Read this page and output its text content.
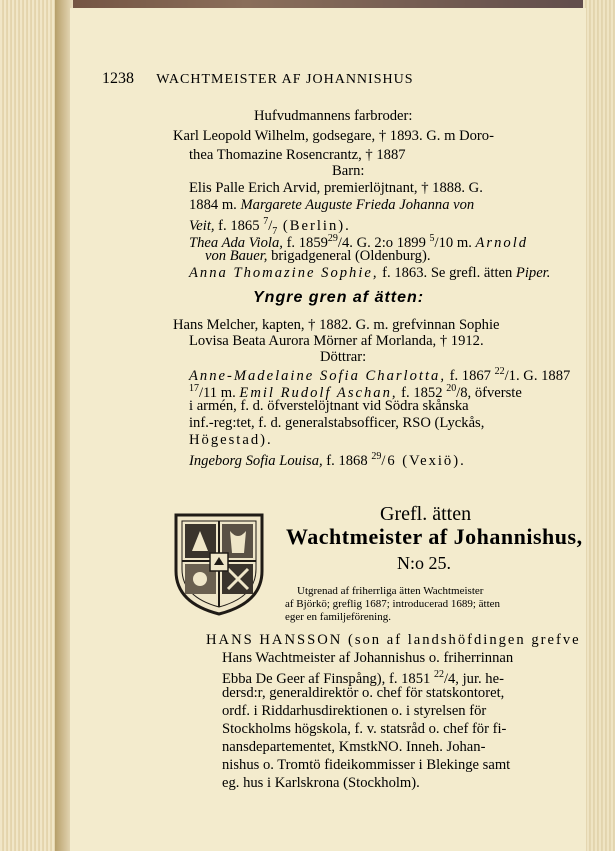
1238 WACHTMEISTER AF JOHANNISHUS
Hufvudmannens farbroder:
Karl Leopold Wilhelm, godsegare, † 1893. G. m Doro-
thea Thomazine Rosencrantz, † 1887
Barn:
Elis Palle Erich Arvid, premierlöjtnant, † 1888. G.
1884 m. Margarete Auguste Frieda Johanna von
Veit, f. 1865 $^7/_7$ (Berlin).
Thea Ada Viola, f. 1859$^{29}$/4. G. 2:o 1899 $^5$/10 m. Arnold
von Bauer, brigadgeneral (Oldenburg).
Anna Thomazine Sophie, f. 1863. Se grefl. ätten Piper.
Yngre gren af ätten:
Hans Melcher, kapten, † 1882. G. m. grefvinnan Sophie
Lovisa Beata Aurora Mörner af Morlanda, † 1912.
Döttrar:
Anne-Madelaine Sofia Charlotta, f. 1867 $^{22}$/1. G. 1887
$^{17}$/11 m. Emil Rudolf Aschan, f. 1852 $^{20}$/8, öfverste
i armén, f. d. öfverstelöjtnant vid Södra skånska
inf.-reg:tet, f. d. generalstabsofficer, RSO (Lyckås,
Högestad).
Ingeborg Sofia Louisa, f. 1868 $^{29}$/6 (Vexiö).
Grefl. ätten
Wachtmeister af Johannishus,
N:o 25.
Utgrenad af friherrliga ätten Wachtmeister
af Björkö; greflig 1687; introducerad 1689; ätten
eger en familjeförening.
HANS HANSSON (son af landshöfdingen grefve
Hans Wachtmeister af Johannishus o. friherrinnan
Ebba De Geer af Finspång), f. 1851 $^{22}$/4, jur. he-
dersd:r, generaldirektör o. chef för statskontoret,
ordf. i Riddarhusdirektionen o. i styrelsen för
Stockholms högskola, f. v. statsråd o. chef för fi-
nansdepartementet, KmstkNO. Inneh. Johan-
nishus o. Tromtö fideikommisser i Blekinge samt
eg. hus i Karlskrona (Stockholm).
